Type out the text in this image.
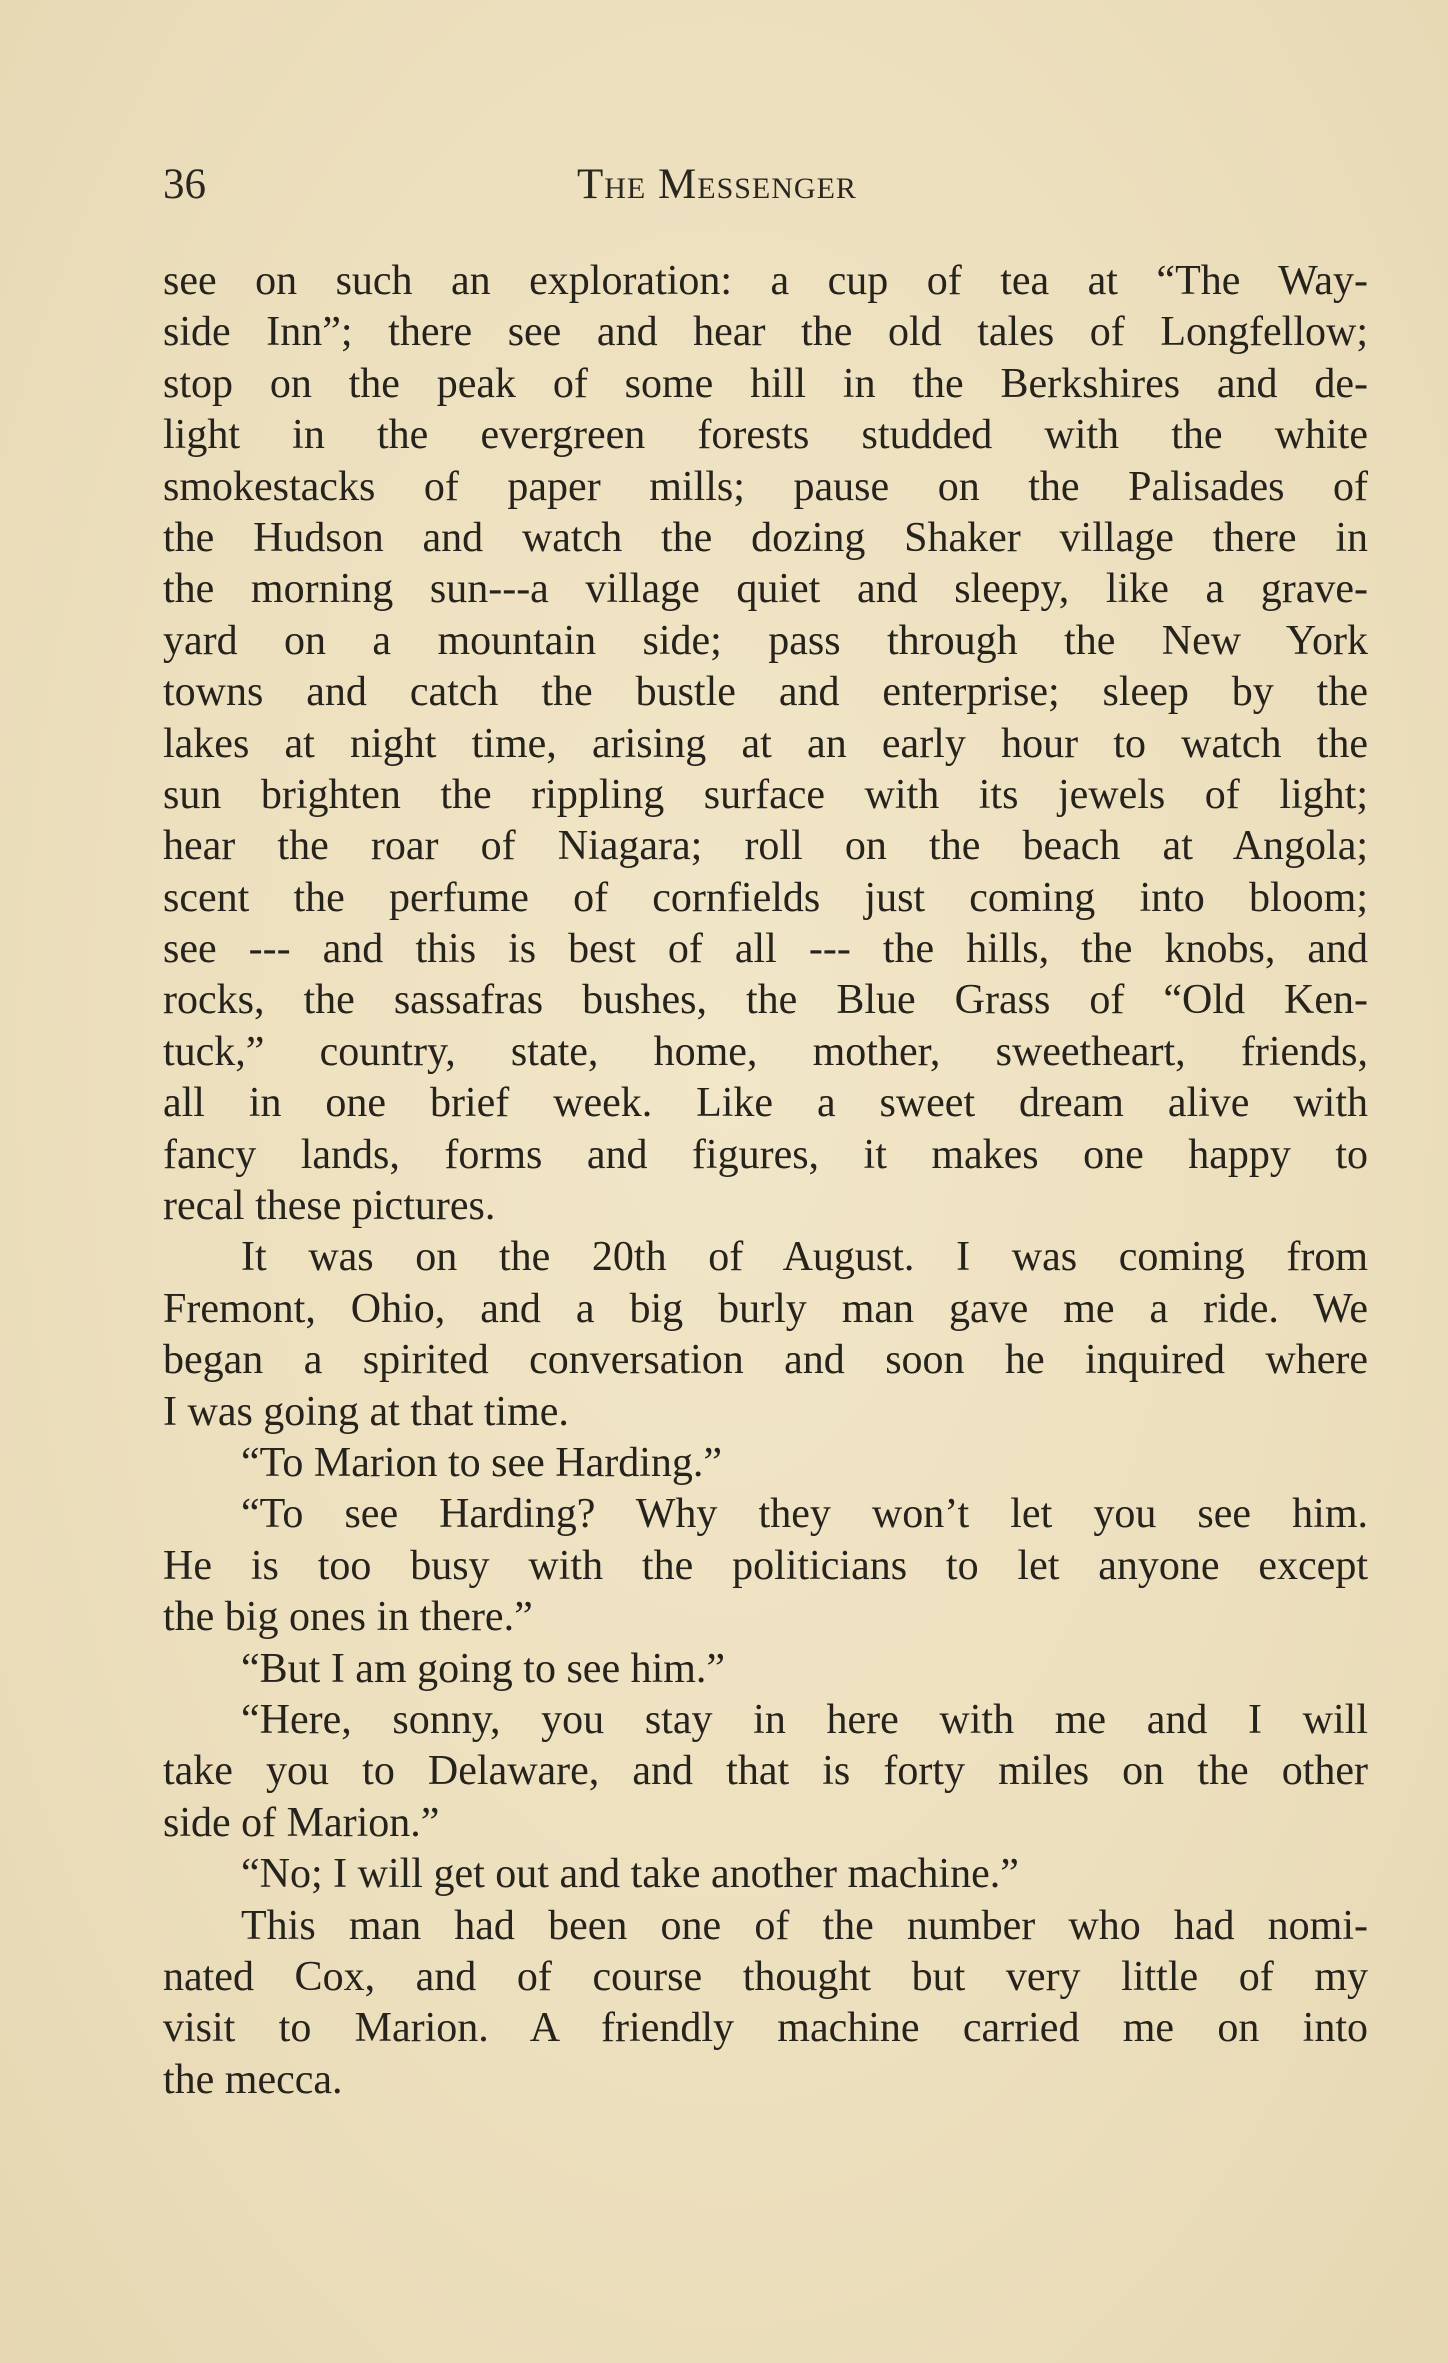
36	The Messenger
see on such an exploration: a cup of tea at “The Way-
side Inn”; there see and hear the old tales of Longfellow;
stop on the peak of some hill in the Berkshires and de-
light in the evergreen forests studded with the white
smokestacks of paper mills; pause on the Palisades of
the Hudson and watch the dozing Shaker village there in
the morning sun---a village quiet and sleepy, like a grave-
yard on a mountain side; pass through the New York
towns and catch the bustle and enterprise; sleep by the
lakes at night time, arising at an early hour to watch the
sun brighten the rippling surface with its jewels of light;
hear the roar of Niagara; roll on the beach at Angola;
scent the perfume of cornfields just coming into bloom;
see --- and this is best of all --- the hills, the knobs, and
rocks, the sassafras bushes, the Blue Grass of “Old Ken-
tuck,” country, state, home, mother, sweetheart, friends,
all in one brief week. Like a sweet dream alive with
fancy lands, forms and figures, it makes one happy to
recal these pictures.
It was on the 20th of August. I was coming from
Fremont, Ohio, and a big burly man gave me a ride. We
began a spirited conversation and soon he inquired where
I was going at that time.
“To Marion to see Harding.”
“To see Harding? Why they won’t let you see him.
He is too busy with the politicians to let anyone except
the big ones in there.”
“But I am going to see him.”
“Here, sonny, you stay in here with me and I will
take you to Delaware, and that is forty miles on the other
side of Marion.”
“No; I will get out and take another machine.”
This man had been one of the number who had nomi-
nated Cox, and of course thought but very little of my
visit to Marion. A friendly machine carried me on into
the mecca.
